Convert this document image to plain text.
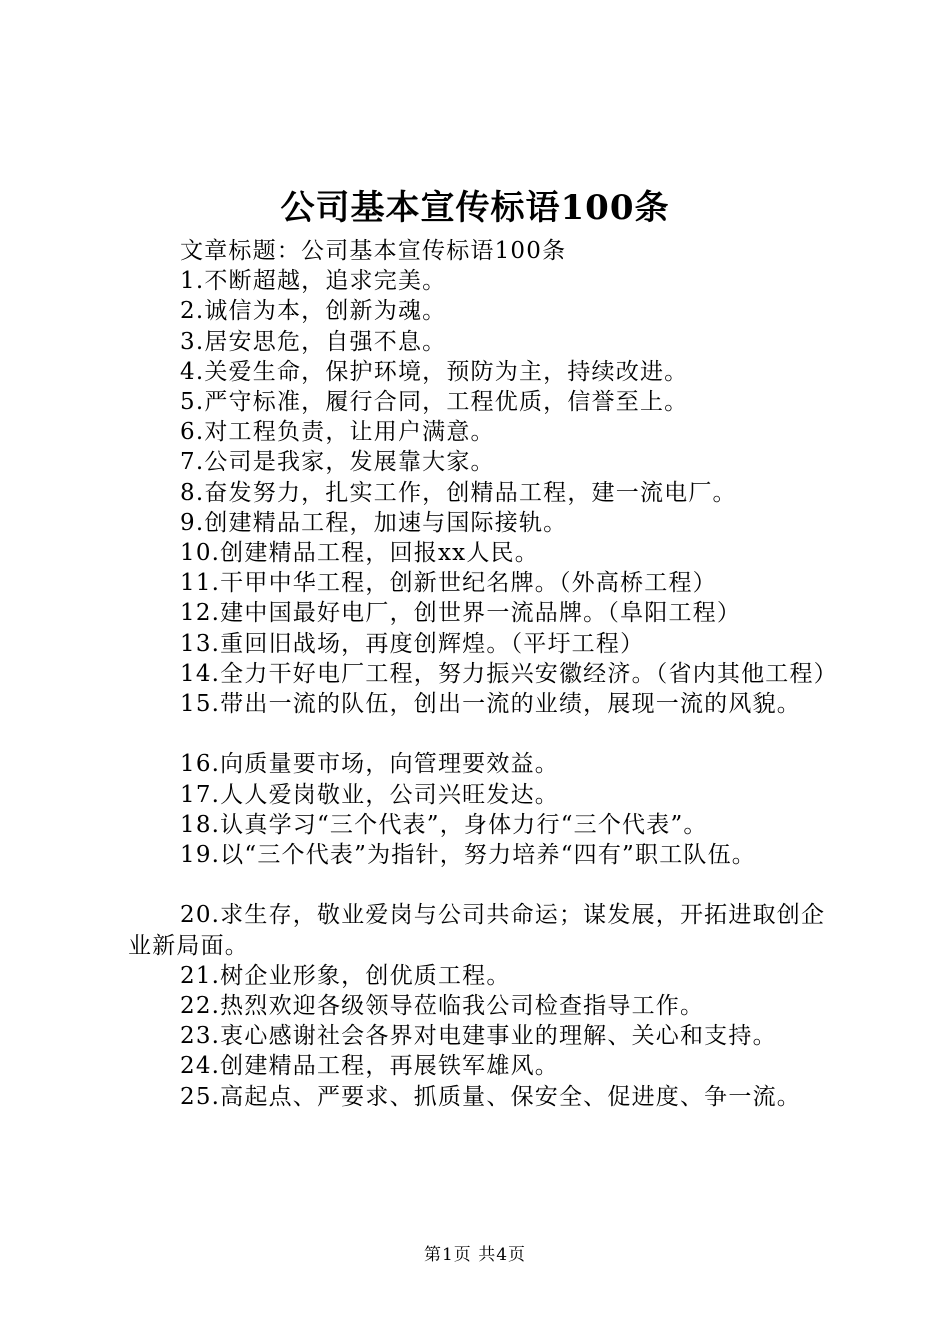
公司基本宣传标语100条

文章标题：公司基本宣传标语100条

1.不断超越，追求完美。

2.诚信为本，创新为魂。

3.居安思危，自强不息。

4.关爱生命，保护环境，预防为主，持续改进。

5.严守标准，履行合同，工程优质，信誉至上。

6.对工程负责，让用户满意。

7.公司是我家，发展靠大家。

8.奋发努力，扎实工作，创精品工程，建一流电厂。

9.创建精品工程，加速与国际接轨。

10.创建精品工程，回报xx人民。

11.干甲中华工程，创新世纪名牌。（外高桥工程）

12.建中国最好电厂，创世界一流品牌。（阜阳工程）

13.重回旧战场，再度创辉煌。（平圩工程）

14.全力干好电厂工程，努力振兴安徽经济。（省内其他工程）

15.带出一流的队伍，创出一流的业绩，展现一流的风貌。

16.向质量要市场，向管理要效益。

17.人人爱岗敬业，公司兴旺发达。

18.认真学习“三个代表”，身体力行“三个代表”。

19.以“三个代表”为指针，努力培养“四有”职工队伍。

20.求生存，敬业爱岗与公司共命运；谋发展，开拓进取创企业新局面。

21.树企业形象，创优质工程。

22.热烈欢迎各级领导莅临我公司检查指导工作。

23.衷心感谢社会各界对电建事业的理解、关心和支持。

24.创建精品工程，再展铁军雄风。

25.高起点、严要求、抓质量、保安全、促进度、争一流。

第1页 共4页
